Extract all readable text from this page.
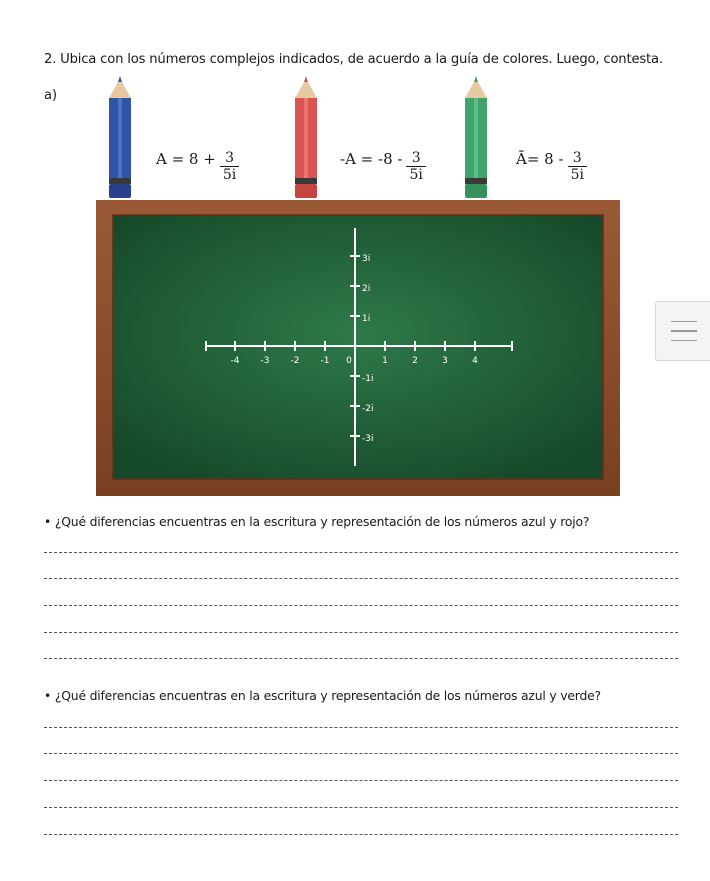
2. Ubica con los números complejos indicados, de acuerdo a la guía de colores. Luego, contesta.
a)
$A = 8 + \frac{3}{5i}$	$-A = -8 - \frac{3}{5i}$	Ā= $8 - \frac{3}{5i}$
-4 -3 -2 -1 0	1	2	3	4
3i
2i
1i
-1i
-2i
-3i
• ¿Qué diferencias encuentras en la escritura y representación de los números azul y rojo?
• ¿Qué diferencias encuentras en la escritura y representación de los números azul y verde?
